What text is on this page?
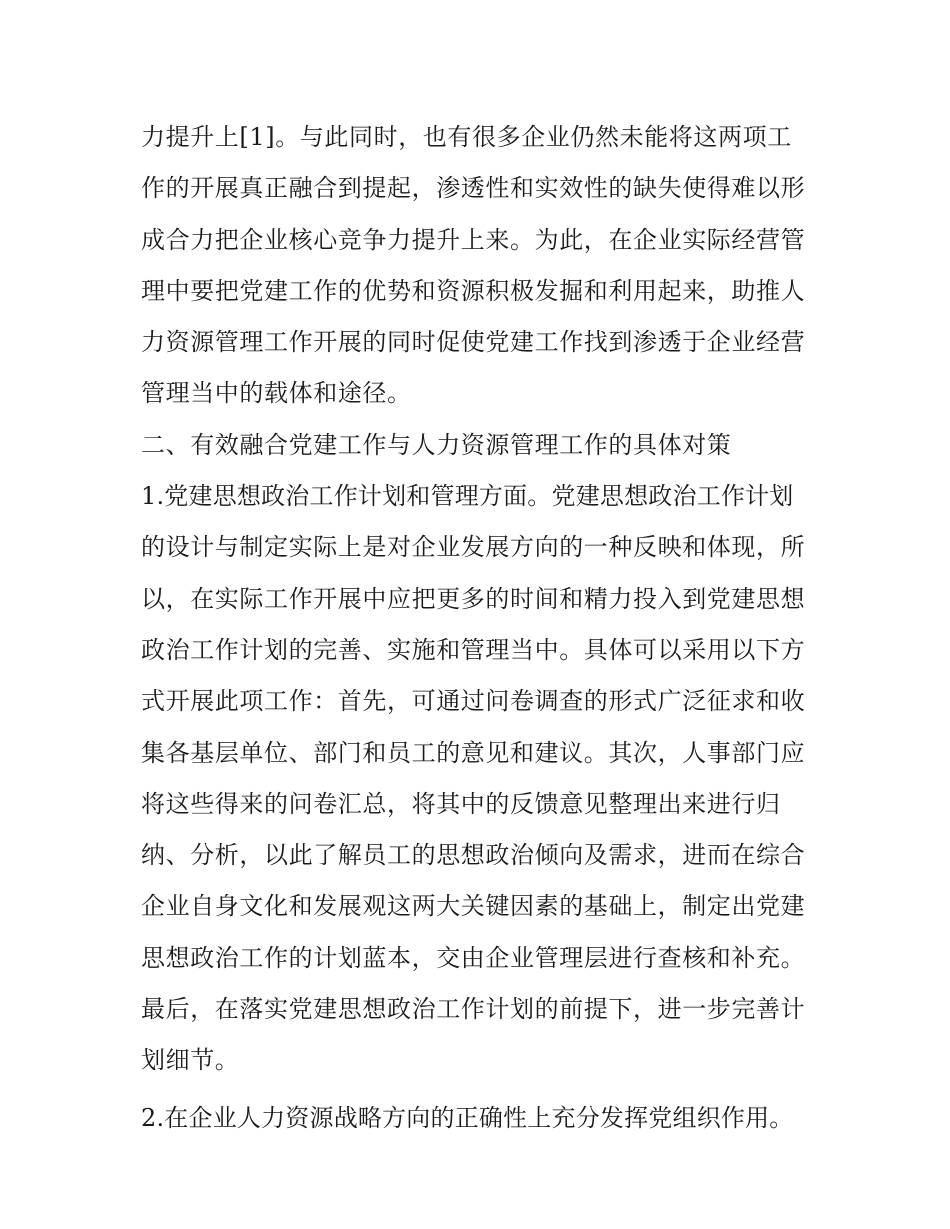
力提升上[1]。与此同时，也有很多企业仍然未能将这两项工
作的开展真正融合到提起，渗透性和实效性的缺失使得难以形
成合力把企业核心竞争力提升上来。为此，在企业实际经营管
理中要把党建工作的优势和资源积极发掘和利用起来，助推人
力资源管理工作开展的同时促使党建工作找到渗透于企业经营
管理当中的载体和途径。
二、有效融合党建工作与人力资源管理工作的具体对策
1.党建思想政治工作计划和管理方面。党建思想政治工作计划
的设计与制定实际上是对企业发展方向的一种反映和体现，所
以，在实际工作开展中应把更多的时间和精力投入到党建思想
政治工作计划的完善、实施和管理当中。具体可以采用以下方
式开展此项工作：首先，可通过问卷调查的形式广泛征求和收
集各基层单位、部门和员工的意见和建议。其次，人事部门应
将这些得来的问卷汇总，将其中的反馈意见整理出来进行归
纳、分析，以此了解员工的思想政治倾向及需求，进而在综合
企业自身文化和发展观这两大关键因素的基础上，制定出党建
思想政治工作的计划蓝本，交由企业管理层进行查核和补充。
最后，在落实党建思想政治工作计划的前提下，进一步完善计
划细节。
2.在企业人力资源战略方向的正确性上充分发挥党组织作用。
